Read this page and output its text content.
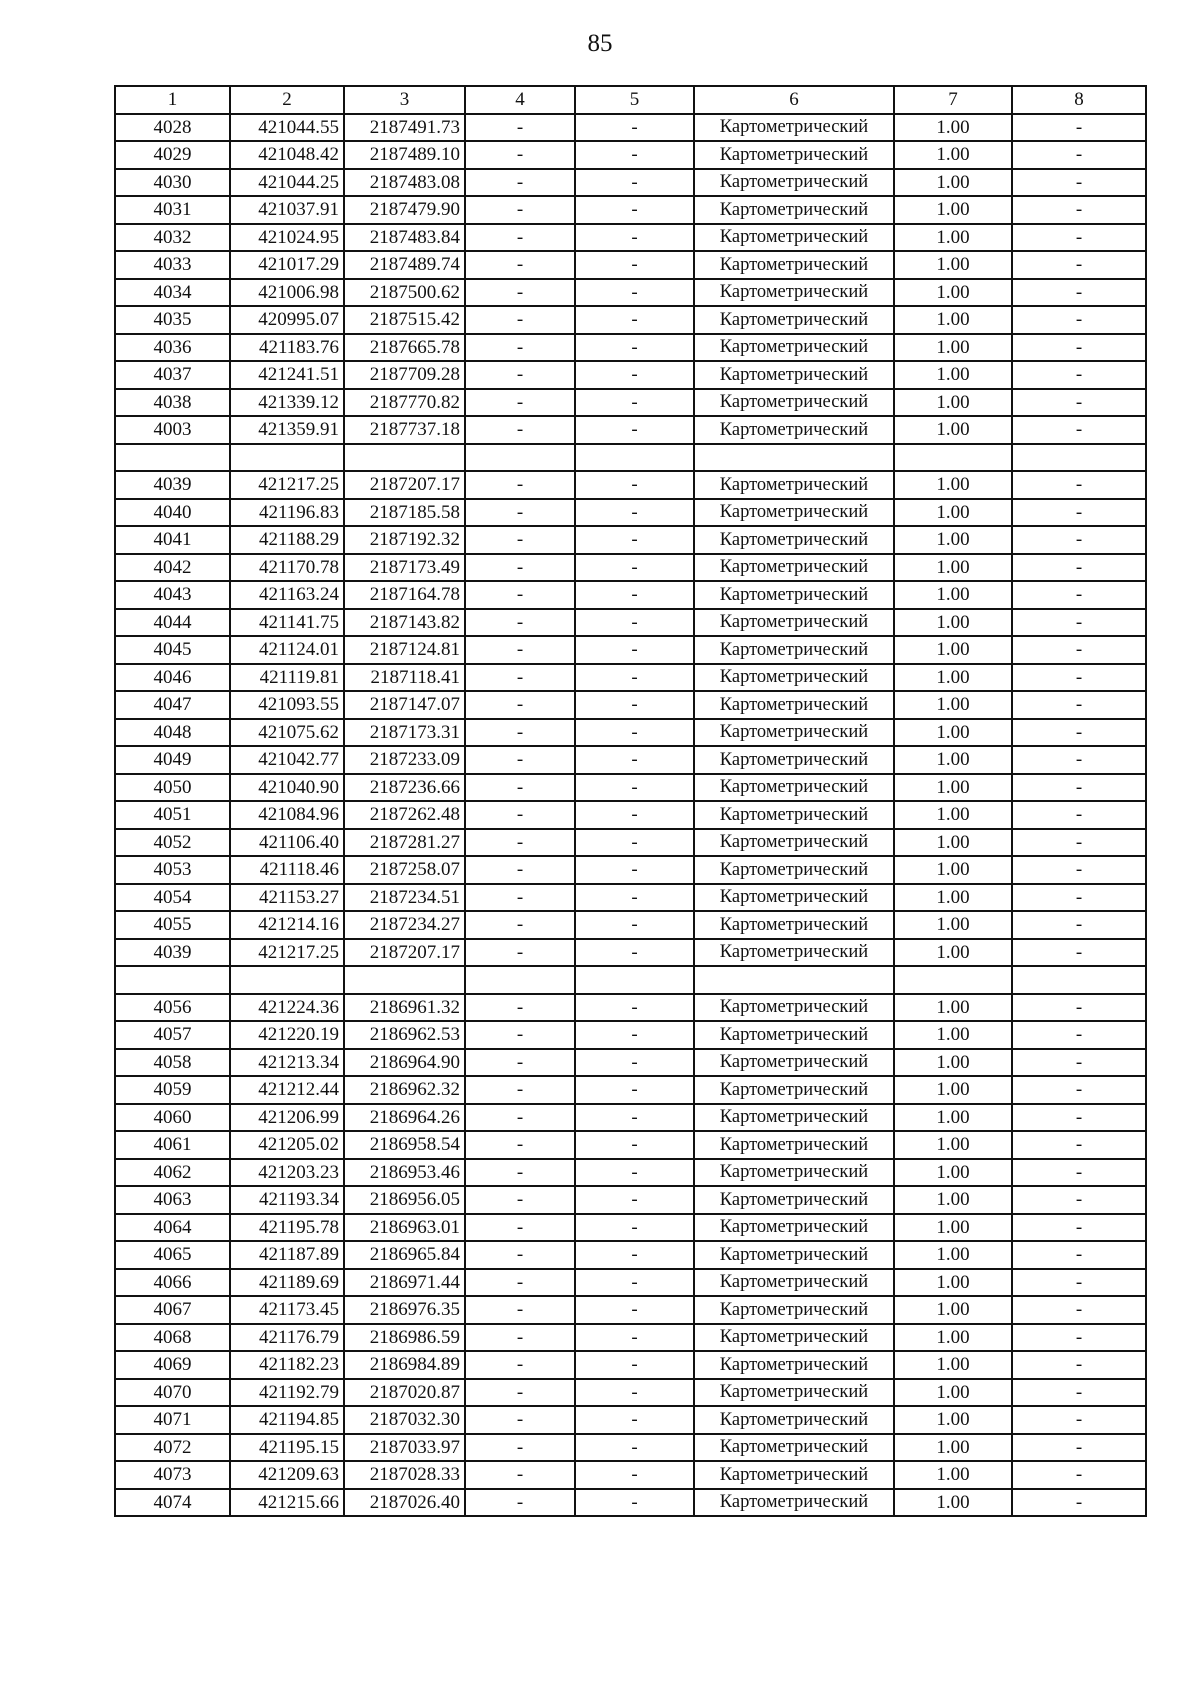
85
1	2	3	4	5	6	7	8
4028	421044.55	2187491.73	-	-	Картометрический	1.00	-
4029	421048.42	2187489.10	-	-	Картометрический	1.00	-
4030	421044.25	2187483.08	-	-	Картометрический	1.00	-
4031	421037.91	2187479.90	-	-	Картометрический	1.00	-
4032	421024.95	2187483.84	-	-	Картометрический	1.00	-
4033	421017.29	2187489.74	-	-	Картометрический	1.00	-
4034	421006.98	2187500.62	-	-	Картометрический	1.00	-
4035	420995.07	2187515.42	-	-	Картометрический	1.00	-
4036	421183.76	2187665.78	-	-	Картометрический	1.00	-
4037	421241.51	2187709.28	-	-	Картометрический	1.00	-
4038	421339.12	2187770.82	-	-	Картометрический	1.00	-
4003	421359.91	2187737.18	-	-	Картометрический	1.00	-

4039	421217.25	2187207.17	-	-	Картометрический	1.00	-
4040	421196.83	2187185.58	-	-	Картометрический	1.00	-
4041	421188.29	2187192.32	-	-	Картометрический	1.00	-
4042	421170.78	2187173.49	-	-	Картометрический	1.00	-
4043	421163.24	2187164.78	-	-	Картометрический	1.00	-
4044	421141.75	2187143.82	-	-	Картометрический	1.00	-
4045	421124.01	2187124.81	-	-	Картометрический	1.00	-
4046	421119.81	2187118.41	-	-	Картометрический	1.00	-
4047	421093.55	2187147.07	-	-	Картометрический	1.00	-
4048	421075.62	2187173.31	-	-	Картометрический	1.00	-
4049	421042.77	2187233.09	-	-	Картометрический	1.00	-
4050	421040.90	2187236.66	-	-	Картометрический	1.00	-
4051	421084.96	2187262.48	-	-	Картометрический	1.00	-
4052	421106.40	2187281.27	-	-	Картометрический	1.00	-
4053	421118.46	2187258.07	-	-	Картометрический	1.00	-
4054	421153.27	2187234.51	-	-	Картометрический	1.00	-
4055	421214.16	2187234.27	-	-	Картометрический	1.00	-
4039	421217.25	2187207.17	-	-	Картометрический	1.00	-

4056	421224.36	2186961.32	-	-	Картометрический	1.00	-
4057	421220.19	2186962.53	-	-	Картометрический	1.00	-
4058	421213.34	2186964.90	-	-	Картометрический	1.00	-
4059	421212.44	2186962.32	-	-	Картометрический	1.00	-
4060	421206.99	2186964.26	-	-	Картометрический	1.00	-
4061	421205.02	2186958.54	-	-	Картометрический	1.00	-
4062	421203.23	2186953.46	-	-	Картометрический	1.00	-
4063	421193.34	2186956.05	-	-	Картометрический	1.00	-
4064	421195.78	2186963.01	-	-	Картометрический	1.00	-
4065	421187.89	2186965.84	-	-	Картометрический	1.00	-
4066	421189.69	2186971.44	-	-	Картометрический	1.00	-
4067	421173.45	2186976.35	-	-	Картометрический	1.00	-
4068	421176.79	2186986.59	-	-	Картометрический	1.00	-
4069	421182.23	2186984.89	-	-	Картометрический	1.00	-
4070	421192.79	2187020.87	-	-	Картометрический	1.00	-
4071	421194.85	2187032.30	-	-	Картометрический	1.00	-
4072	421195.15	2187033.97	-	-	Картометрический	1.00	-
4073	421209.63	2187028.33	-	-	Картометрический	1.00	-
4074	421215.66	2187026.40	-	-	Картометрический	1.00	-
